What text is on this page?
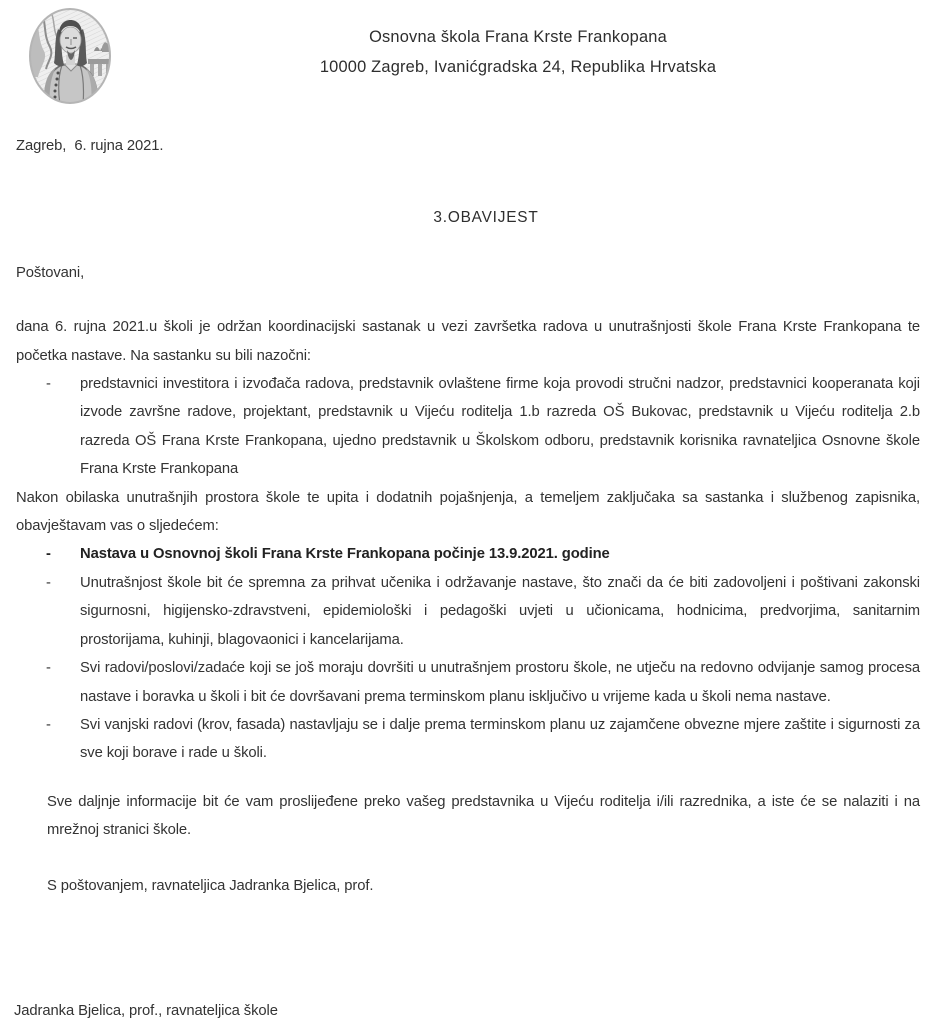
Osnovna škola Frana Krste Frankopana
10000 Zagreb, Ivanićgradska 24, Republika Hrvatska
Zagreb,  6. rujna 2021.
3.OBAVIJEST
Poštovani,

dana 6. rujna 2021.u školi je održan koordinacijski sastanak u vezi završetka radova u unutrašnjosti škole Frana Krste Frankopana te početka nastave. Na sastanku su bili nazočni:

- predstavnici investitora i izvođača radova, predstavnik ovlaštene firme koja provodi stručni nadzor, predstavnici kooperanata koji izvode završne radove, projektant, predstavnik u Vijeću roditelja 1.b razreda OŠ Bukovac, predstavnik u Vijeću roditelja 2.b razreda OŠ Frana Krste Frankopana, ujedno predstavnik u Školskom odboru, predstavnik korisnika ravnateljica Osnovne škole Frana Krste Frankopana

Nakon obilaska unutrašnjih prostora škole te upita i dodatnih pojašnjenja, a temeljem zaključaka sa sastanka i službenog zapisnika, obavještavam vas o sljedećem:

- Nastava u Osnovnoj školi Frana Krste Frankopana počinje 13.9.2021. godine
- Unutrašnjost škole bit će spremna za prihvat učenika i održavanje nastave, što znači da će biti zadovoljeni i poštivani zakonski sigurnosni, higijensko-zdravstveni, epidemiološki i pedagoški uvjeti u učionicama, hodnicima, predvorjima, sanitarnim prostorijama, kuhinji, blagovaonici i kancelarijama.
- Svi radovi/poslovi/zadaće koji se još moraju dovršiti u unutrašnjem prostoru škole, ne utječu na redovno odvijanje samog procesa nastave i boravka u školi i bit će dovršavani prema terminskom planu isključivo u vrijeme kada u školi nema nastave.
- Svi vanjski radovi (krov, fasada) nastavljaju se i dalje prema terminskom planu uz zajamčene obvezne mjere zaštite i sigurnosti za sve koji borave i rade u školi.

Sve daljnje informacije bit će vam proslijeđene preko vašeg predstavnika u Vijeću roditelja i/ili razrednika, a iste će se nalaziti i na mrežnoj stranici škole.

S poštovanjem, ravnateljica Jadranka Bjelica, prof.

Jadranka Bjelica, prof., ravnateljica škole
